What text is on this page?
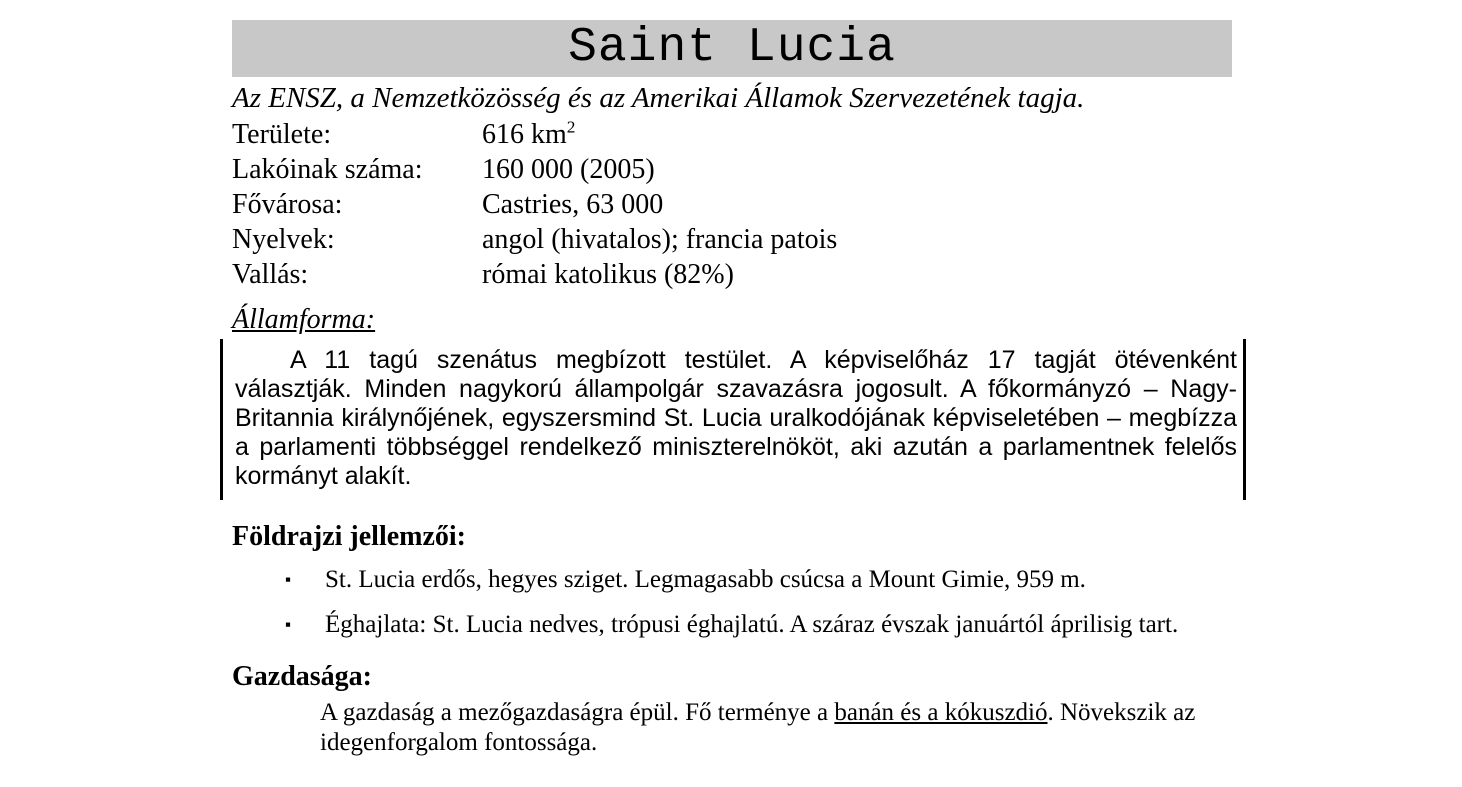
Saint Lucia

Az ENSZ, a Nemzetközösség és az Amerikai Államok Szervezetének tagja.

Területe:	616 $km^2$
Lakóinak száma:	160 000 (2005)
Fővárosa:	Castries, 63 000
Nyelvek:	angol (hivatalos); francia patois
Vallás:	római katolikus (82%)
Államforma:

A 11 tagú szenátus megbízott testület. A képviselőház 17 tagját ötévenként választják. Minden nagykorú állampolgár szavazásra jogosult. A főkormányzó – Nagy-Britannia királynőjének, egyszersmind St. Lucia uralkodójának képviseletében – megbízza a parlamenti többséggel rendelkező miniszterelnököt, aki azután a parlamentnek felelős kormányt alakít.

Földrajzi jellemzői:
▪	St. Lucia erdős, hegyes sziget. Legmagasabb csúcsa a Mount Gimie, 959 m.
▪	Éghajlata: St. Lucia nedves, trópusi éghajlatú. A száraz évszak januártól áprilisig tart.
Gazdasága:

A gazdaság a mezőgazdaságra épül. Fő terménye a banán és a kókuszdió. Növekszik az idegenforgalom fontossága.
